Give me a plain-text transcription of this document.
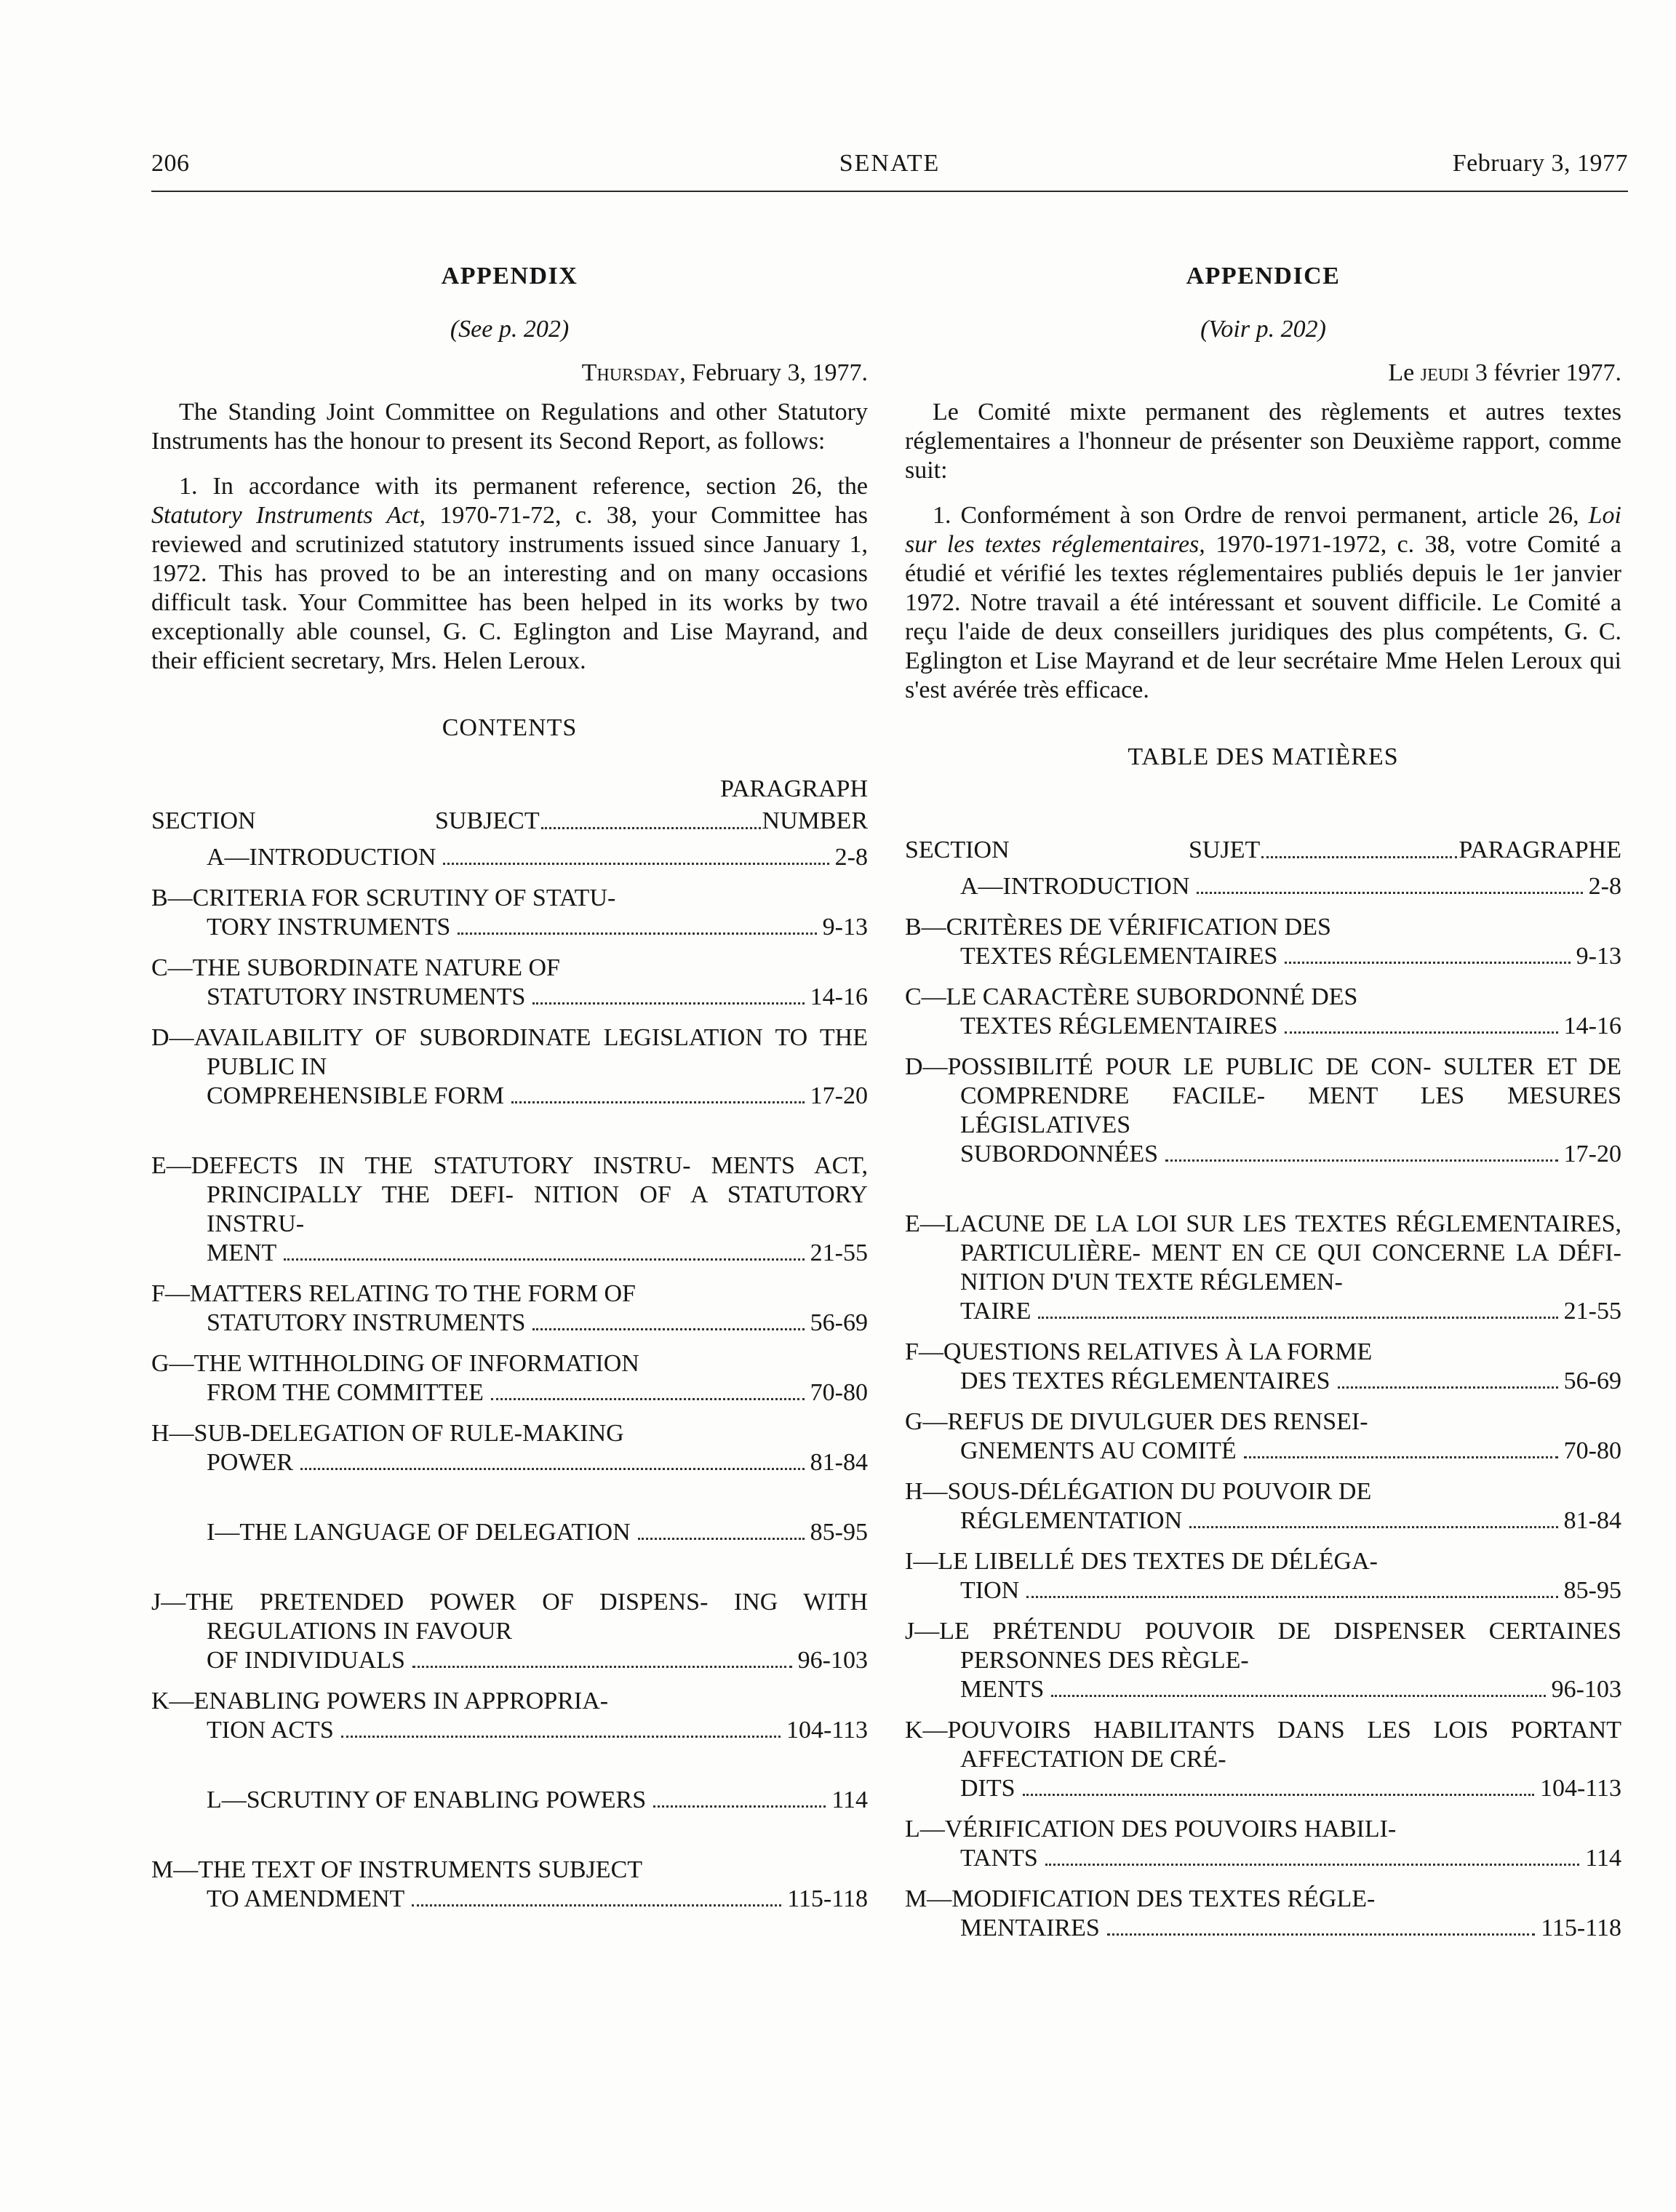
206	SENATE	February 3, 1977
APPENDIX
(See p. 202)
Thursday, February 3, 1977.

The Standing Joint Committee on Regulations and other Statutory Instruments has the honour to present its Second Report, as follows:

1. In accordance with its permanent reference, section 26, the Statutory Instruments Act, 1970-71-72, c. 38, your Committee has reviewed and scrutinized statutory instruments issued since January 1, 1972. This has proved to be an interesting and on many occasions difficult task. Your Committee has been helped in its works by two exceptionally able counsel, G. C. Eglington and Lise Mayrand, and their efficient secretary, Mrs. Helen Leroux.

CONTENTS
SECTION
PARAGRAPH
SUBJECT	NUMBER
A—INTRODUCTION	2-8
B—CRITERIA FOR SCRUTINY OF STATU-
TORY INSTRUMENTS	9-13
C—THE SUBORDINATE NATURE OF
STATUTORY INSTRUMENTS	14-16
D—AVAILABILITY OF SUBORDINATE LEGISLATION TO THE PUBLIC IN
COMPREHENSIBLE FORM	17-20
E—DEFECTS IN THE STATUTORY INSTRU- MENTS ACT, PRINCIPALLY THE DEFI- NITION OF A STATUTORY INSTRU-
MENT	21-55
F—MATTERS RELATING TO THE FORM OF
STATUTORY INSTRUMENTS	56-69
G—THE WITHHOLDING OF INFORMATION
FROM THE COMMITTEE	70-80
H—SUB-DELEGATION OF RULE-MAKING
POWER	81-84
I—THE LANGUAGE OF DELEGATION	85-95
J—THE PRETENDED POWER OF DISPENS- ING WITH REGULATIONS IN FAVOUR
OF INDIVIDUALS	96-103
K—ENABLING POWERS IN APPROPRIA-
TION ACTS	104-113
L—SCRUTINY OF ENABLING POWERS	114
M—THE TEXT OF INSTRUMENTS SUBJECT
TO AMENDMENT	115-118
APPENDICE
(Voir p. 202)
Le jeudi 3 février 1977.

Le Comité mixte permanent des règlements et autres textes réglementaires a l'honneur de présenter son Deuxième rapport, comme suit:

1. Conformément à son Ordre de renvoi permanent, article 26, Loi sur les textes réglementaires, 1970-1971-1972, c. 38, votre Comité a étudié et vérifié les textes réglementaires publiés depuis le 1er janvier 1972. Notre travail a été intéressant et souvent difficile. Le Comité a reçu l'aide de deux conseillers juridiques des plus compétents, G. C. Eglington et Lise Mayrand et de leur secrétaire Mme Helen Leroux qui s'est avérée très efficace.

TABLE DES MATIÈRES
SECTION	SUJET	PARAGRAPHE
A—INTRODUCTION	2-8
B—CRITÈRES DE VÉRIFICATION DES
TEXTES RÉGLEMENTAIRES	9-13
C—LE CARACTÈRE SUBORDONNÉ DES
TEXTES RÉGLEMENTAIRES	14-16
D—POSSIBILITÉ POUR LE PUBLIC DE CON- SULTER ET DE COMPRENDRE FACILE- MENT LES MESURES LÉGISLATIVES
SUBORDONNÉES	17-20
E—LACUNE DE LA LOI SUR LES TEXTES RÉGLEMENTAIRES, PARTICULIÈRE- MENT EN CE QUI CONCERNE LA DÉFI- NITION D'UN TEXTE RÉGLEMEN-
TAIRE	21-55
F—QUESTIONS RELATIVES À LA FORME
DES TEXTES RÉGLEMENTAIRES	56-69
G—REFUS DE DIVULGUER DES RENSEI-
GNEMENTS AU COMITÉ	70-80
H—SOUS-DÉLÉGATION DU POUVOIR DE
RÉGLEMENTATION	81-84
I—LE LIBELLÉ DES TEXTES DE DÉLÉGA-
TION	85-95
J—LE PRÉTENDU POUVOIR DE DISPENSER CERTAINES PERSONNES DES RÈGLE-
MENTS	96-103
K—POUVOIRS HABILITANTS DANS LES LOIS PORTANT AFFECTATION DE CRÉ-
DITS	104-113
L—VÉRIFICATION DES POUVOIRS HABILI-
TANTS	114
M—MODIFICATION DES TEXTES RÉGLE-
MENTAIRES	115-118
